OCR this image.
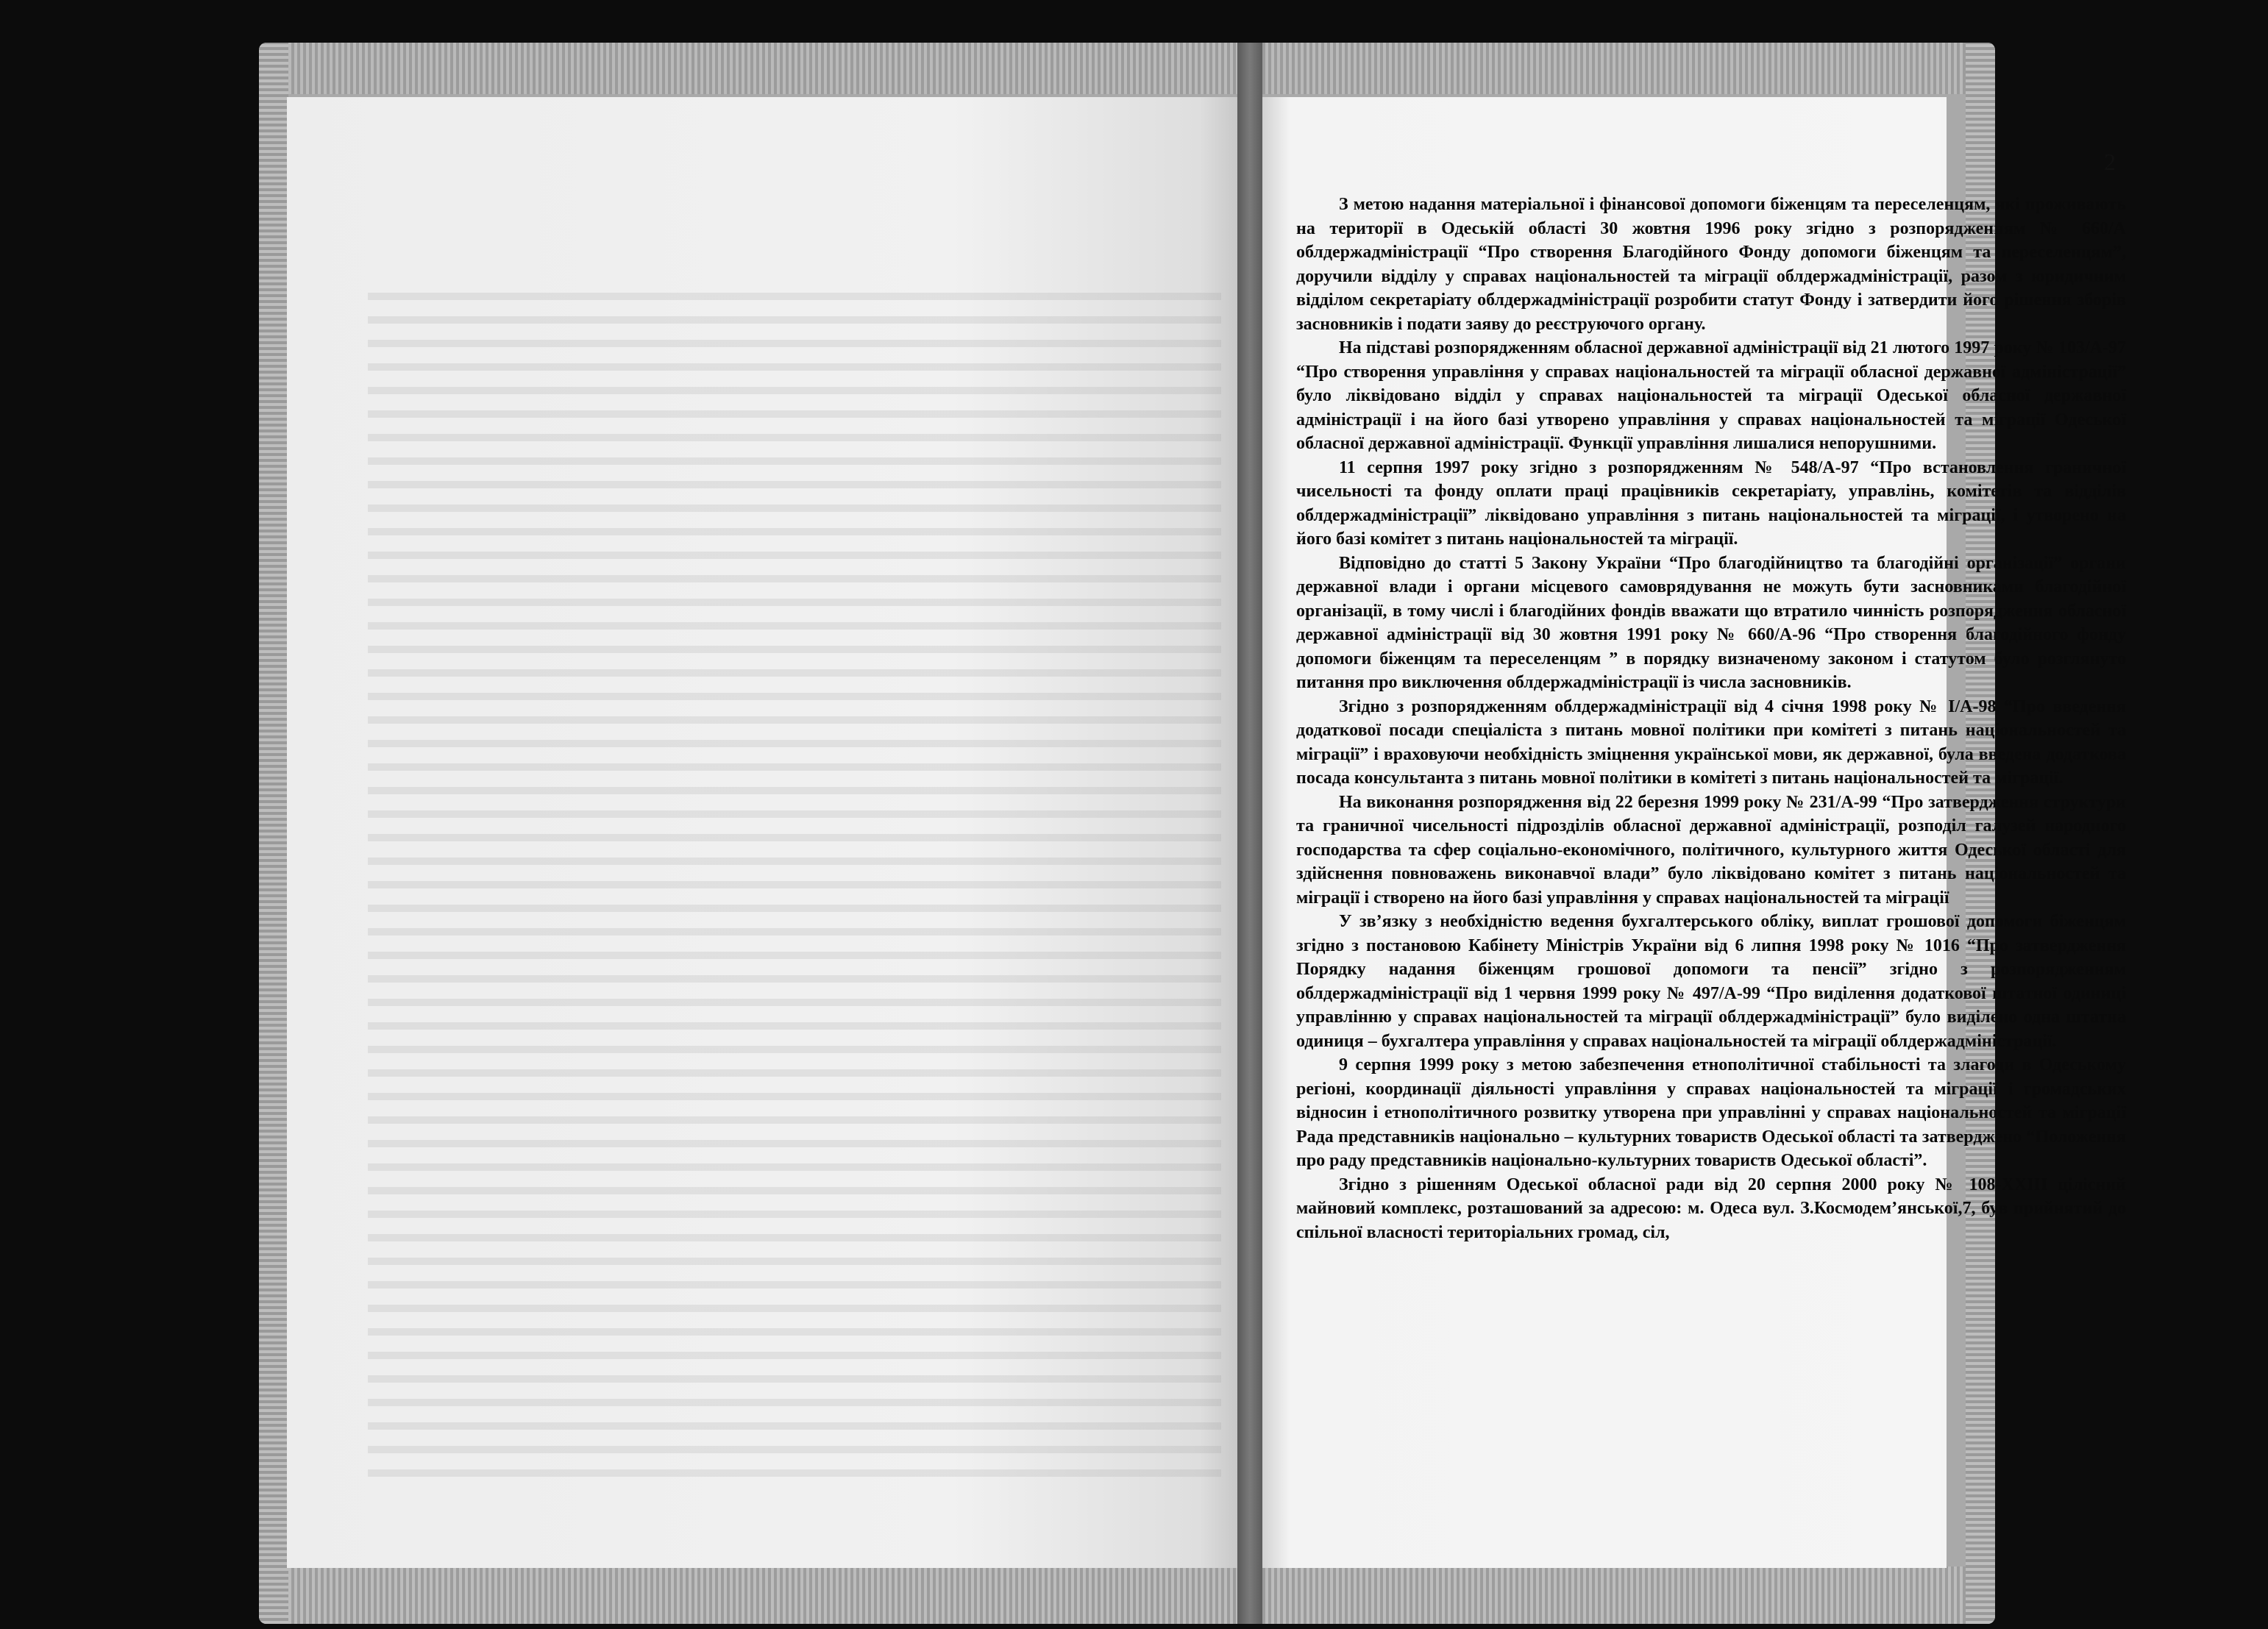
2

З метою надання матеріальної і фінансової допомоги біженцям та переселенцям, які проживають на території в Одеській області 30 жовтня 1996 року згідно з розпорядженням № 660/А облдержадміністрації “Про створення Благодійного Фонду допомоги біженцям та переселенцям”, доручили відділу у справах національностей та міграції облдержадміністрації, разом з юридичним відділом секретаріату облдержадміністрації розробити статут Фонду і затвердити його рішення зборів засновників і подати заяву до реєструючого органу.

На підставі розпорядженням обласної державної адміністрації від 21 лютого 1997 року № 103/А-97 “Про створення управління у справах національностей та міграції обласної державної адміністрації” було ліквідовано відділ у справах національностей та міграції Одеської обласної державної адміністрації і на його базі утворено управління у справах національностей та міграції Одеської обласної державної адміністрації. Функції управління лишалися непорушними.

11 серпня 1997 року згідно з розпорядженням № 548/А-97 “Про встановлення граничної чисельності та фонду оплати праці працівників секретаріату, управлінь, комітетів та відділів облдержадміністрації” ліквідовано управління з питань національностей та міграції, і утворено на його базі комітет з питань національностей та міграції.

Відповідно до статті 5 Закону України “Про благодійництво та благодійні організації” органи державної влади і органи місцевого самоврядування не можуть бути засновниками благодійної організації, в тому числі і благодійних фондів вважати що втратило чинність розпорядження обласної державної адміністрації від 30 жовтня 1991 року № 660/А-96 “Про створення благодійного фонду допомоги біженцям та переселенцям ” в порядку визначеному законом і статутом було розглянуто питання про виключення облдержадміністрації із числа засновників.

Згідно з розпорядженням облдержадміністрації від 4 січня 1998 року № І/А-98 “Про введення додаткової посади спеціаліста з питань мовної політики при комітеті з питань національностей та міграції” і враховуючи необхідність зміцнення української мови, як державної, була введена додаткова посада консультанта з питань мовної політики в комітеті з питань національностей та міграції.

На виконання розпорядження від 22 березня 1999 року № 231/А-99 “Про затвердження структури та граничної чисельності підрозділів обласної державної адміністрації, розподіл галузей народного господарства та сфер соціально-економічного, політичного, культурного життя Одеської області для здійснення повноважень виконавчої влади” було ліквідовано комітет з питань національностей та міграції і створено на його базі управління у справах національностей та міграції

У зв’язку з необхідністю ведення бухгалтерського обліку, виплат грошової допомоги біженцям згідно з постановою Кабінету Міністрів України від 6 липня 1998 року № 1016 “Про затвердження Порядку надання біженцям грошової допомоги та пенсії” згідно з розпорядженням облдержадміністрації від 1 червня 1999 року № 497/А-99 “Про виділення додаткової штатної одиниці управлінню у справах національностей та міграції облдержадміністрації” було виділено одна штатна одиниця – бухгалтера управління у справах національностей та міграції облдержадміністрації.

9 серпня 1999 року з метою забезпечення етнополітичної стабільності та злагоди в Одеському регіоні, координації діяльності управління у справах національностей та міграції і громадських відносин і етнополітичного розвитку утворена при управлінні у справах національностей та міграції Рада представників національно – культурних товариств Одеської області та затверджено “Положення про раду представників національно-культурних товариств Одеської області”.

Згідно з рішенням Одеської обласної ради від 20 серпня 2000 року № 108-XXIII цілісний майновий комплекс, розташований за адресою: м. Одеса вул. З.Космодем’янської,7, був прийнятий до спільної власності територіальних громад, сіл,
